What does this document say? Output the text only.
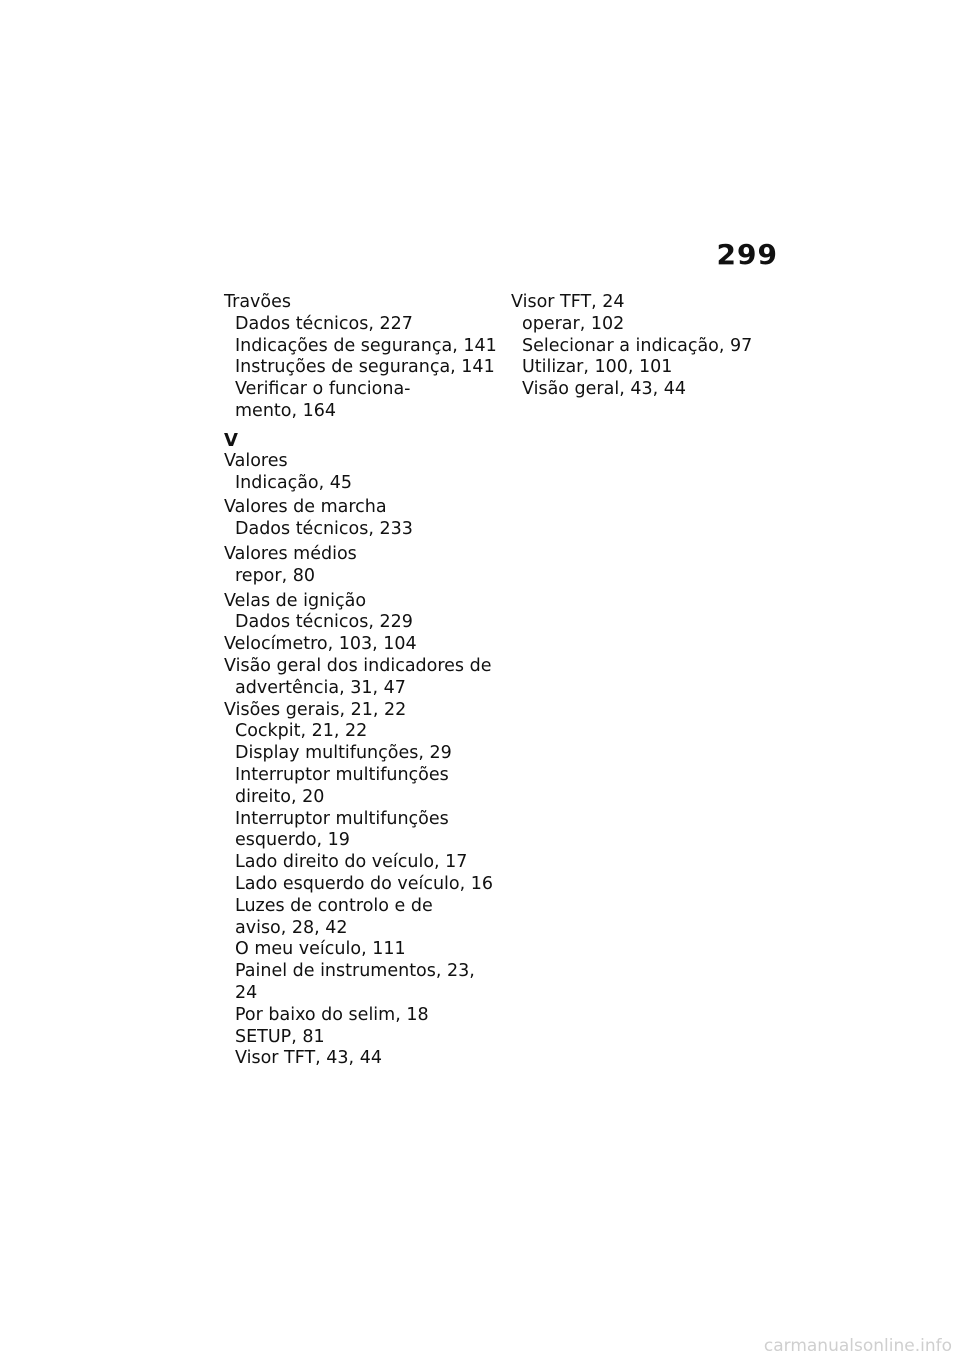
299
Travões
Dados técnicos, 227
Indicações de segurança, 141
Instruções de segurança, 141
Verificar o funciona-
mento, 164
V
Valores
Indicação, 45
Valores de marcha
Dados técnicos, 233
Valores médios
repor, 80
Velas de ignição
Dados técnicos, 229
Velocímetro, 103, 104
Visão geral dos indicadores de
advertência, 31, 47
Visões gerais, 21, 22
Cockpit, 21, 22
Display multifunções, 29
Interruptor multifunções
direito, 20
Interruptor multifunções
esquerdo, 19
Lado direito do veículo, 17
Lado esquerdo do veículo, 16
Luzes de controlo e de
aviso, 28, 42
O meu veículo, 111
Painel de instrumentos, 23,
24
Por baixo do selim, 18
SETUP, 81
Visor TFT, 43, 44
Visor TFT, 24
operar, 102
Selecionar a indicação, 97
Utilizar, 100, 101
Visão geral, 43, 44
carmanualsonline.info
